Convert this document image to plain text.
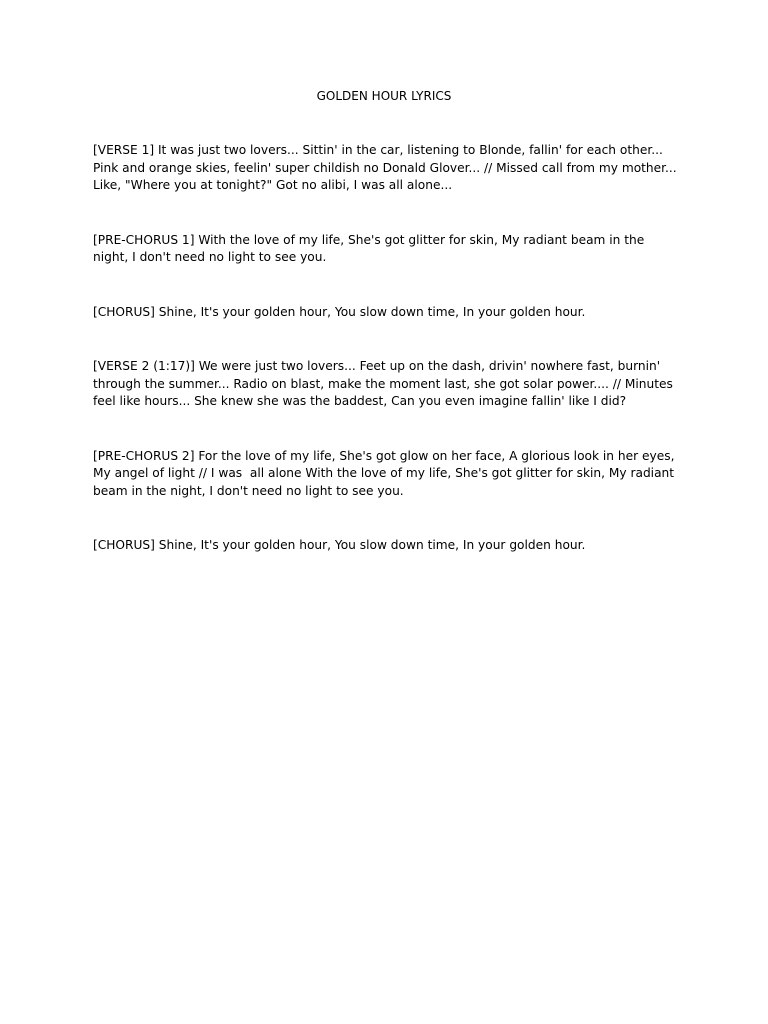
GOLDEN HOUR LYRICS

[VERSE 1] It was just two lovers... Sittin' in the car, listening to Blonde, fallin' for each other... Pink and orange skies, feelin' super childish no Donald Glover... // Missed call from my mother... Like, "Where you at tonight?" Got no alibi, I was all alone...

[PRE-CHORUS 1] With the love of my life, She's got glitter for skin, My radiant beam in the night, I don't need no light to see you.

[CHORUS] Shine, It's your golden hour, You slow down time, In your golden hour.

[VERSE 2 (1:17)] We were just two lovers... Feet up on the dash, drivin' nowhere fast, burnin' through the summer... Radio on blast, make the moment last, she got solar power.... // Minutes feel like hours... She knew she was the baddest, Can you even imagine fallin' like I did?

[PRE-CHORUS 2] For the love of my life, She's got glow on her face, A glorious look in her eyes, My angel of light // I was  all alone With the love of my life, She's got glitter for skin, My radiant beam in the night, I don't need no light to see you.

[CHORUS] Shine, It's your golden hour, You slow down time, In your golden hour.
